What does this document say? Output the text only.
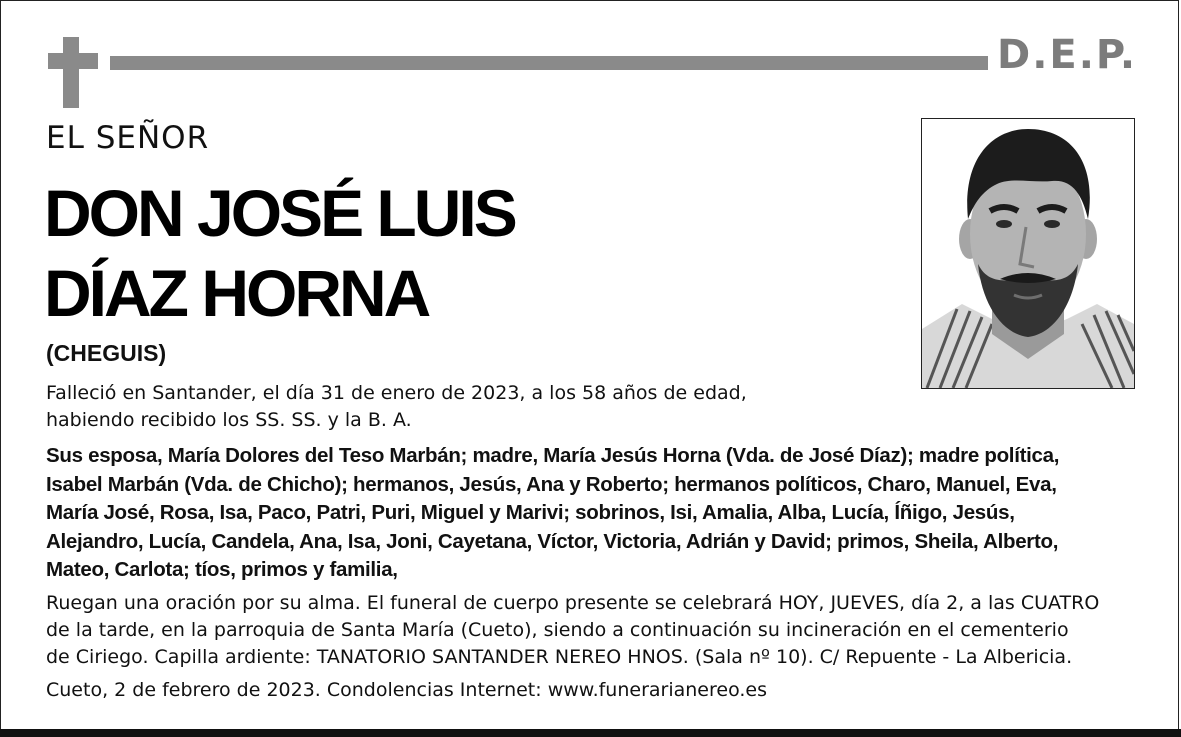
D.E.P.
EL SEÑOR
DON JOSÉ LUIS
DÍAZ HORNA
(CHEGUIS)
Falleció en Santander, el día 31 de enero de 2023, a los 58 años de edad,
habiendo recibido los SS. SS. y la B. A.
Sus esposa, María Dolores del Teso Marbán; madre, María Jesús Horna (Vda. de José Díaz); madre política,
Isabel Marbán (Vda. de Chicho); hermanos, Jesús, Ana y Roberto; hermanos políticos, Charo, Manuel, Eva,
María José, Rosa, Isa, Paco, Patri, Puri, Miguel y Marivi; sobrinos, Isi, Amalia, Alba, Lucía, Íñigo, Jesús,
Alejandro, Lucía, Candela, Ana, Isa, Joni, Cayetana, Víctor, Victoria, Adrián y David; primos, Sheila, Alberto,
Mateo, Carlota; tíos, primos y familia,
Ruegan una oración por su alma. El funeral de cuerpo presente se celebrará HOY, JUEVES, día 2, a las CUATRO
de la tarde, en la parroquia de Santa María (Cueto), siendo a continuación su incineración en el cementerio
de Ciriego. Capilla ardiente: TANATORIO SANTANDER NEREO HNOS. (Sala nº 10). C/ Repuente - La Albericia.
Cueto, 2 de febrero de 2023. Condolencias Internet: www.funerarianereo.es
